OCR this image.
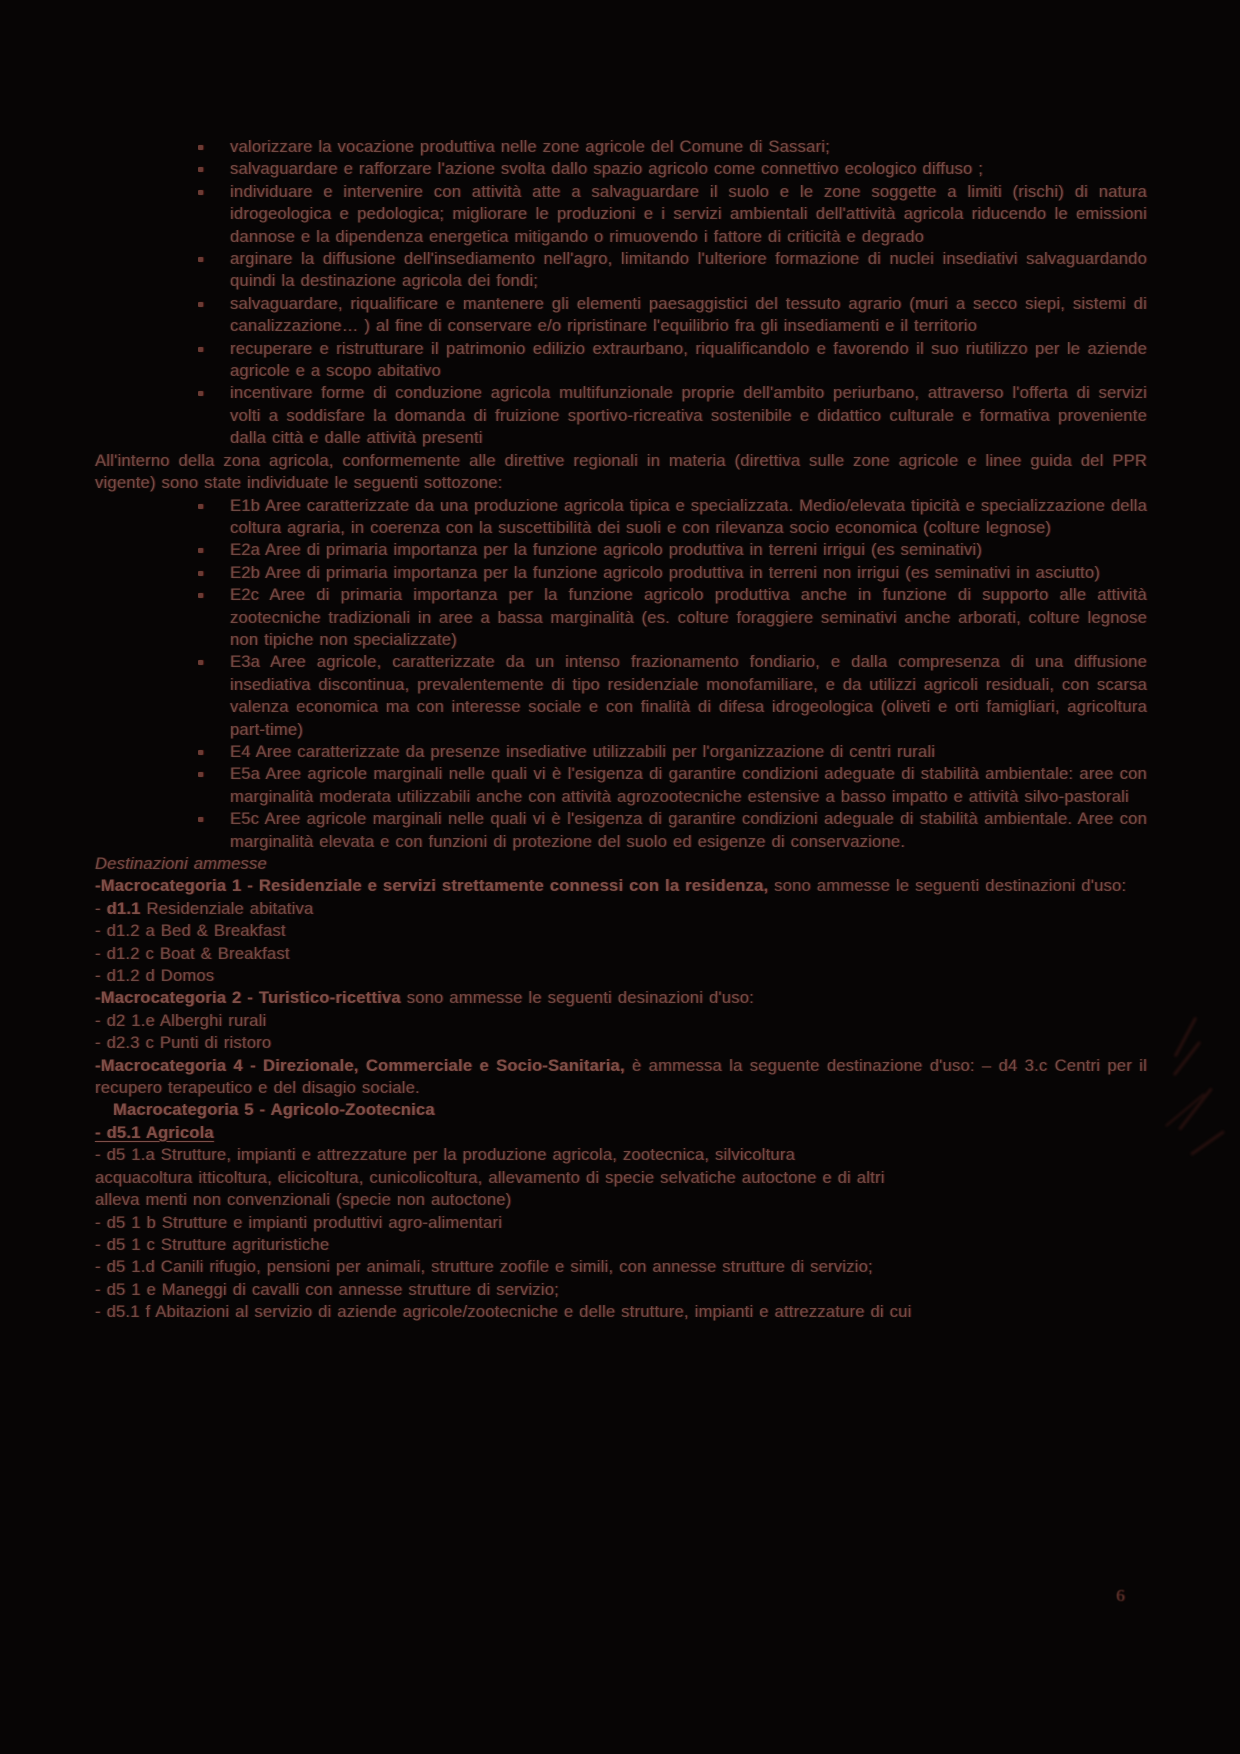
valorizzare la vocazione produttiva nelle zone agricole del Comune di Sassari;
salvaguardare e rafforzare l'azione svolta dallo spazio agricolo come connettivo ecologico diffuso ;
individuare e intervenire con attività atte a salvaguardare il suolo e le zone soggette a limiti (rischi) di natura idrogeologica e pedologica; migliorare le produzioni e i servizi ambientali dell'attività agricola riducendo le emissioni dannose e la dipendenza energetica mitigando o rimuovendo i fattore di criticità e degrado
arginare la diffusione dell'insediamento nell'agro, limitando l'ulteriore formazione di nuclei insediativi salvaguardando quindi la destinazione agricola dei fondi;
salvaguardare, riqualificare e mantenere gli elementi paesaggistici del tessuto agrario (muri a secco siepi, sistemi di canalizzazione… ) al fine di conservare e/o ripristinare l'equilibrio fra gli insediamenti e il territorio
recuperare e ristrutturare il patrimonio edilizio extraurbano, riqualificandolo e favorendo il suo riutilizzo per le aziende agricole e a scopo abitativo
incentivare forme di conduzione agricola multifunzionale proprie dell'ambito periurbano, attraverso l'offerta di servizi volti a soddisfare la domanda di fruizione sportivo-ricreativa sostenibile e didattico culturale e formativa proveniente dalla città e dalle attività presenti
All'interno della zona agricola, conformemente alle direttive regionali in materia (direttiva sulle zone agricole e linee guida del PPR vigente) sono state individuate le seguenti sottozone:
E1b Aree caratterizzate da una produzione agricola tipica e specializzata. Medio/elevata tipicità e specializzazione della coltura agraria, in coerenza con la suscettibilità dei suoli e con rilevanza socio economica (colture legnose)
E2a Aree di primaria importanza per la funzione agricolo produttiva in terreni irrigui (es seminativi)
E2b Aree di primaria importanza per la funzione agricolo produttiva in terreni non irrigui (es seminativi in asciutto)
E2c Aree di primaria importanza per la funzione agricolo produttiva anche in funzione di supporto alle attività zootecniche tradizionali in aree a bassa marginalità (es. colture foraggiere seminativi anche arborati, colture legnose non tipiche non specializzate)
E3a Aree agricole, caratterizzate da un intenso frazionamento fondiario, e dalla compresenza di una diffusione insediativa discontinua, prevalentemente di tipo residenziale monofamiliare, e da utilizzi agricoli residuali, con scarsa valenza economica ma con interesse sociale e con finalità di difesa idrogeologica (oliveti e orti famigliari, agricoltura part-time)
E4 Aree caratterizzate da presenze insediative utilizzabili per l'organizzazione di centri rurali
E5a Aree agricole marginali nelle quali vi è l'esigenza di garantire condizioni adeguate di stabilità ambientale: aree con marginalità moderata utilizzabili anche con attività agrozootecniche estensive a basso impatto e attività silvo-pastorali
E5c Aree agricole marginali nelle quali vi è l'esigenza di garantire condizioni adeguale di stabilità ambientale. Aree con marginalità elevata e con funzioni di protezione del suolo ed esigenze di conservazione.
Destinazioni ammesse
-Macrocategoria 1 - Residenziale e servizi strettamente connessi con la residenza, sono ammesse le seguenti destinazioni d'uso:
- d1.1 Residenziale abitativa
- d1.2 a Bed & Breakfast
- d1.2 c Boat & Breakfast
- d1.2 d Domos
-Macrocategoria 2 - Turistico-ricettiva sono ammesse le seguenti desinazioni d'uso:
- d2 1.e Alberghi rurali
- d2.3 c Punti di ristoro
-Macrocategoria 4 - Direzionale, Commerciale e Socio-Sanitaria, è ammessa la seguente destinazione d'uso: – d4 3.c Centri per il recupero terapeutico e del disagio sociale.
Macrocategoria 5 - Agricolo-Zootecnica
- d5.1 Agricola
- d5 1.a Strutture, impianti e attrezzature per la produzione agricola, zootecnica, silvicoltura
acquacoltura itticoltura, elicicoltura, cunicolicoltura, allevamento di specie selvatiche autoctone e di altri
alleva menti non convenzionali (specie non autoctone)
- d5 1 b Strutture e impianti produttivi agro-alimentari
- d5 1 c Strutture agrituristiche
- d5 1.d Canili rifugio, pensioni per animali, strutture zoofile e simili, con annesse strutture di servizio;
- d5 1 e Maneggi di cavalli con annesse strutture di servizio;
- d5.1 f Abitazioni al servizio di aziende agricole/zootecniche e delle strutture, impianti e attrezzature di cui
6
